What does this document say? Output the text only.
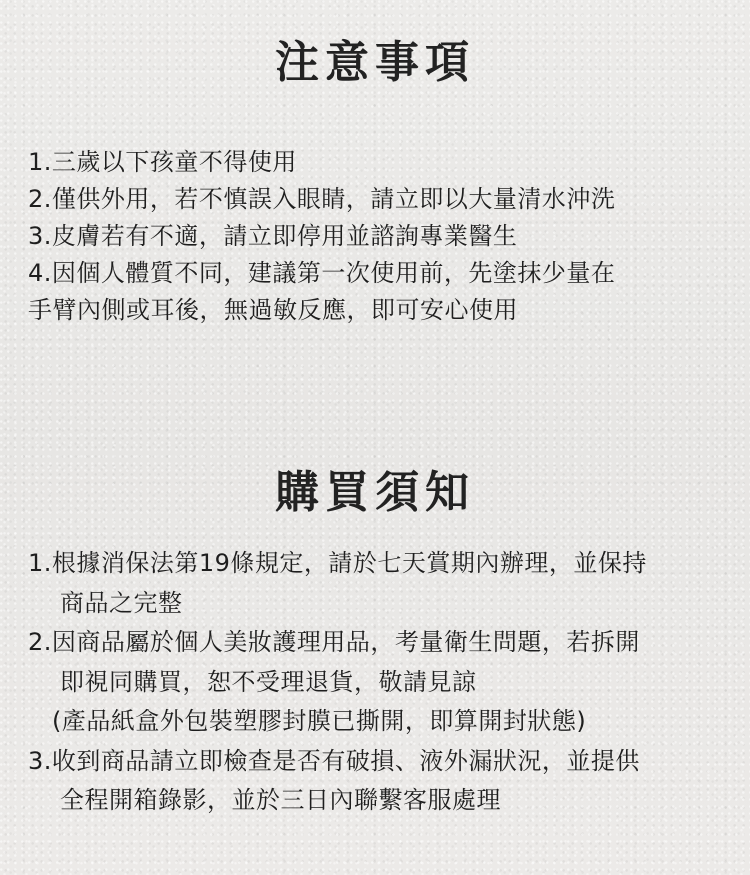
注意事項
1.三歲以下孩童不得使用
2.僅供外用，若不慎誤入眼睛，請立即以大量清水沖洗
3.皮膚若有不適，請立即停用並諮詢專業醫生
4.因個人體質不同，建議第一次使用前，先塗抹少量在
手臂內側或耳後，無過敏反應，即可安心使用
購買須知
1.根據消保法第19條規定，請於七天賞期內辦理，並保持
商品之完整
2.因商品屬於個人美妝護理用品，考量衛生問題，若拆開
即視同購買，恕不受理退貨，敬請見諒
(產品紙盒外包裝塑膠封膜已撕開，即算開封狀態)
3.收到商品請立即檢查是否有破損、液外漏狀況，並提供
全程開箱錄影，並於三日內聯繫客服處理
